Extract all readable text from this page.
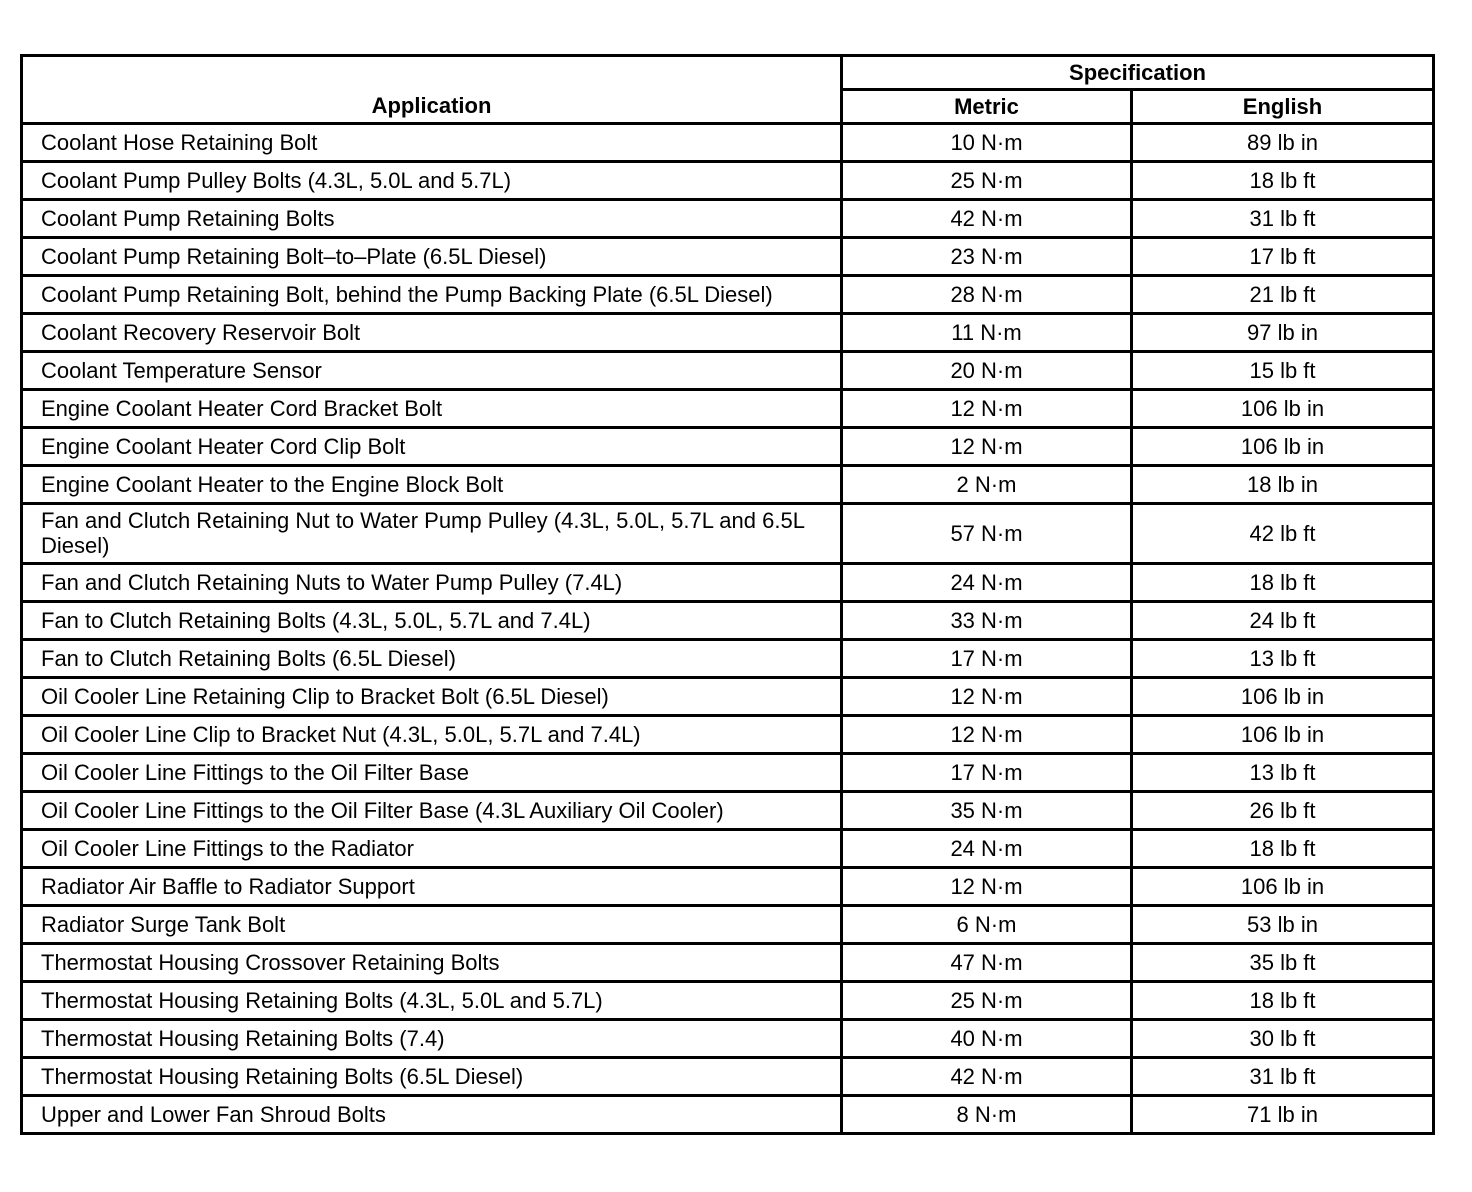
Application	Specification	
	Metric	English
Coolant Hose Retaining Bolt	10 N·m	89 lb in
Coolant Pump Pulley Bolts (4.3L, 5.0L and 5.7L)	25 N·m	18 lb ft
Coolant Pump Retaining Bolts	42 N·m	31 lb ft
Coolant Pump Retaining Bolt–to–Plate (6.5L Diesel)	23 N·m	17 lb ft
Coolant Pump Retaining Bolt, behind the Pump Backing Plate (6.5L Diesel)	28 N·m	21 lb ft
Coolant Recovery Reservoir Bolt	11 N·m	97 lb in
Coolant Temperature Sensor	20 N·m	15 lb ft
Engine Coolant Heater Cord Bracket Bolt	12 N·m	106 lb in
Engine Coolant Heater Cord Clip Bolt	12 N·m	106 lb in
Engine Coolant Heater to the Engine Block Bolt	2 N·m	18 lb in
Fan and Clutch Retaining Nut to Water Pump Pulley (4.3L, 5.0L, 5.7L and 6.5L Diesel)	57 N·m	42 lb ft
Fan and Clutch Retaining Nuts to Water Pump Pulley (7.4L)	24 N·m	18 lb ft
Fan to Clutch Retaining Bolts (4.3L, 5.0L, 5.7L and 7.4L)	33 N·m	24 lb ft
Fan to Clutch Retaining Bolts (6.5L Diesel)	17 N·m	13 lb ft
Oil Cooler Line Retaining Clip to Bracket Bolt (6.5L Diesel)	12 N·m	106 lb in
Oil Cooler Line Clip to Bracket Nut (4.3L, 5.0L, 5.7L and 7.4L)	12 N·m	106 lb in
Oil Cooler Line Fittings to the Oil Filter Base	17 N·m	13 lb ft
Oil Cooler Line Fittings to the Oil Filter Base (4.3L Auxiliary Oil Cooler)	35 N·m	26 lb ft
Oil Cooler Line Fittings to the Radiator	24 N·m	18 lb ft
Radiator Air Baffle to Radiator Support	12 N·m	106 lb in
Radiator Surge Tank Bolt	6 N·m	53 lb in
Thermostat Housing Crossover Retaining Bolts	47 N·m	35 lb ft
Thermostat Housing Retaining Bolts (4.3L, 5.0L and 5.7L)	25 N·m	18 lb ft
Thermostat Housing Retaining Bolts (7.4)	40 N·m	30 lb ft
Thermostat Housing Retaining Bolts (6.5L Diesel)	42 N·m	31 lb ft
Upper and Lower Fan Shroud Bolts	8 N·m	71 lb in
